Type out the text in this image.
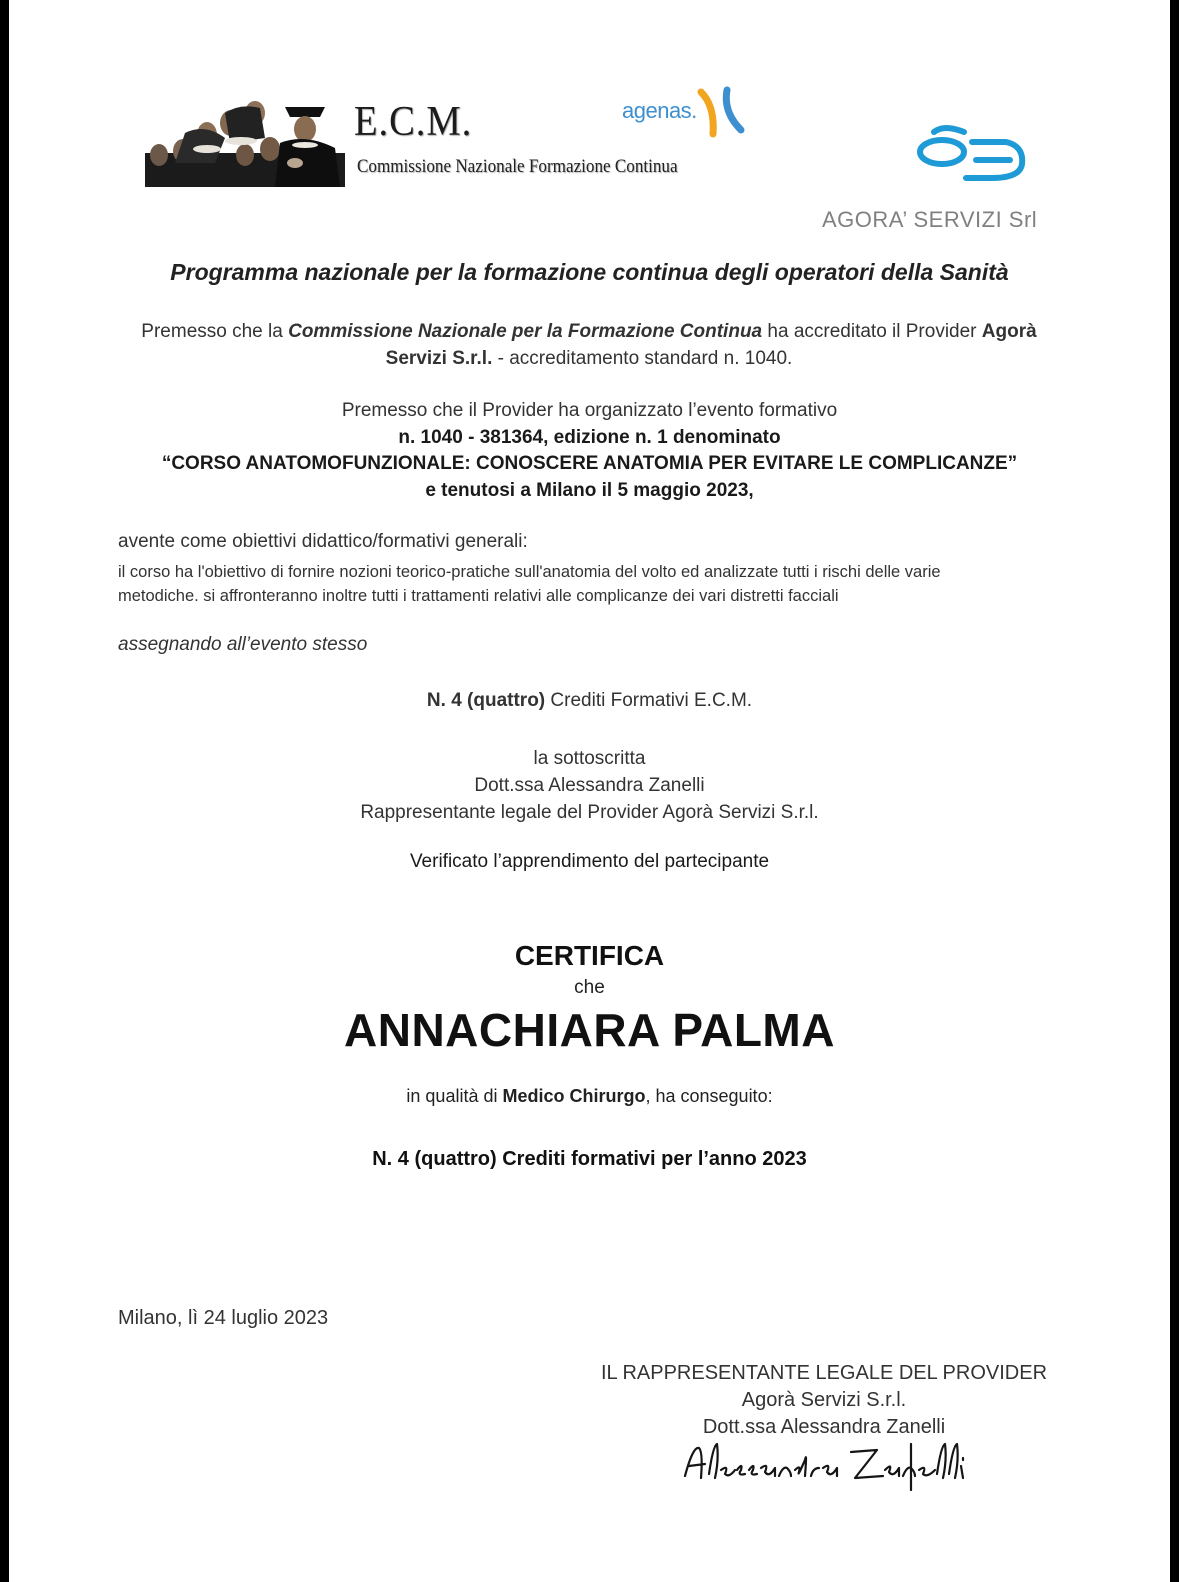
E.C.M.
Commissione Nazionale Formazione Continua
agenas.
AGORA’ SERVIZI Srl
Programma nazionale per la formazione continua degli operatori della Sanità
Premesso che la Commissione Nazionale per la Formazione Continua ha accreditato il Provider Agorà Servizi S.r.l. - accreditamento standard n. 1040.
Premesso che il Provider ha organizzato l’evento formativo
n. 1040 - 381364, edizione n. 1 denominato
“CORSO ANATOMOFUNZIONALE: CONOSCERE ANATOMIA PER EVITARE LE COMPLICANZE”
e tenutosi a Milano il 5 maggio 2023,
avente come obiettivi didattico/formativi generali:
il corso ha l'obiettivo di fornire nozioni teorico-pratiche sull'anatomia del volto ed analizzate tutti i rischi delle varie
metodiche. si affronteranno inoltre tutti i trattamenti relativi alle complicanze dei vari distretti facciali
assegnando all’evento stesso
N. 4 (quattro) Crediti Formativi E.C.M.
la sottoscritta
Dott.ssa Alessandra Zanelli
Rappresentante legale del Provider Agorà Servizi S.r.l.
Verificato l’apprendimento del partecipante
CERTIFICA
che
ANNACHIARA PALMA
in qualità di Medico Chirurgo, ha conseguito:
N. 4 (quattro) Crediti formativi per l’anno 2023
Milano, lì 24 luglio 2023
IL RAPPRESENTANTE LEGALE DEL PROVIDER
Agorà Servizi S.r.l.
Dott.ssa Alessandra Zanelli
